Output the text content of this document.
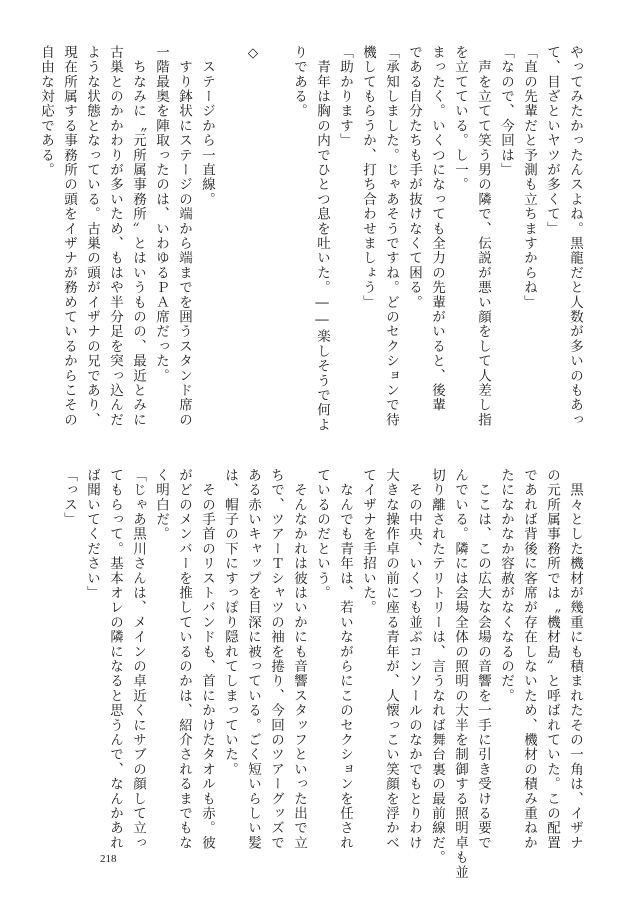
やってみたかったんスよね。黒龍だと人数が多いのもあっ

て、目ざといヤツが多くて」

「直の先輩だと予測も立ちますからね」

「なので、今回は」

　声を立てて笑う男の隣で、伝説が悪い顔をして人差し指

を立てている。し一。

まったく。いくつになっても全力の先輩がいると、後輩

である自分たちも手が抜けなくて困る。

「承知しました。じゃあそうですね。どのセクションで待

機してもらうか、打ち合わせましょう」

「助かります」

　青年は胸の内でひとつ息を吐いた。――楽しそうで何よ

りである。

◇

　ステージから一直線。

　すり鉢状にステージの端から端までを囲うスタンド席の

一階最奥を陣取ったのは、いわゆるＰＡ席だった。

　ちなみに〝元所属事務所〟とはいうものの、最近とみに

古巣とのかかわりが多いため、もはや半分足を突っ込んだ

ような状態となっている。古巣の頭がイザナの兄であり、

現在所属する事務所の頭をイザナが務めているからこその

自由な対応である。

　黒々とした機材が幾重にも積まれたその一角は、イザナ

の元所属事務所では〝機材島〟と呼ばれていた。この配置

であれば背後に客席が存在しないため、機材の積み重ねか

たになかなか容赦がなくなるのだ。

　ここは、この広大な会場の音響を一手に引き受ける要で

んでいる。隣には会場全体の照明の大半を制御する照明卓も並

切り離されたテリトリーは、言うなれば舞台裏の最前線だ。

　その中央、いくつも並ぶコンソールのなかでもとりわけ

大きな操作卓の前に座る青年が、人懐っこい笑顔を浮かべ

てイザナを手招いた。

　なんでも青年は、若いながらにこのセクションを任され

ているのだという。

　そんなかれは彼はいかにも音響スタッフといった出で立

ちで、ツアーＴシャツの袖を捲り、今回のツアーグッズで

ある赤いキャップを目深に被っている。ごく短いらしい髪

は、帽子の下にすっぽり隠れてしまっていた。

　その手首のリストバンドも、首にかけたタオルも赤。彼

がどのメンバーを推しているのかは、紹介されるまでもな

く明白だ。

「じゃあ黒川さんは、メインの卓近くにサブの顔して立っ

てもらって。基本オレの隣になると思うんで、なんかあれ

ば聞いてください」

「っス」

218
